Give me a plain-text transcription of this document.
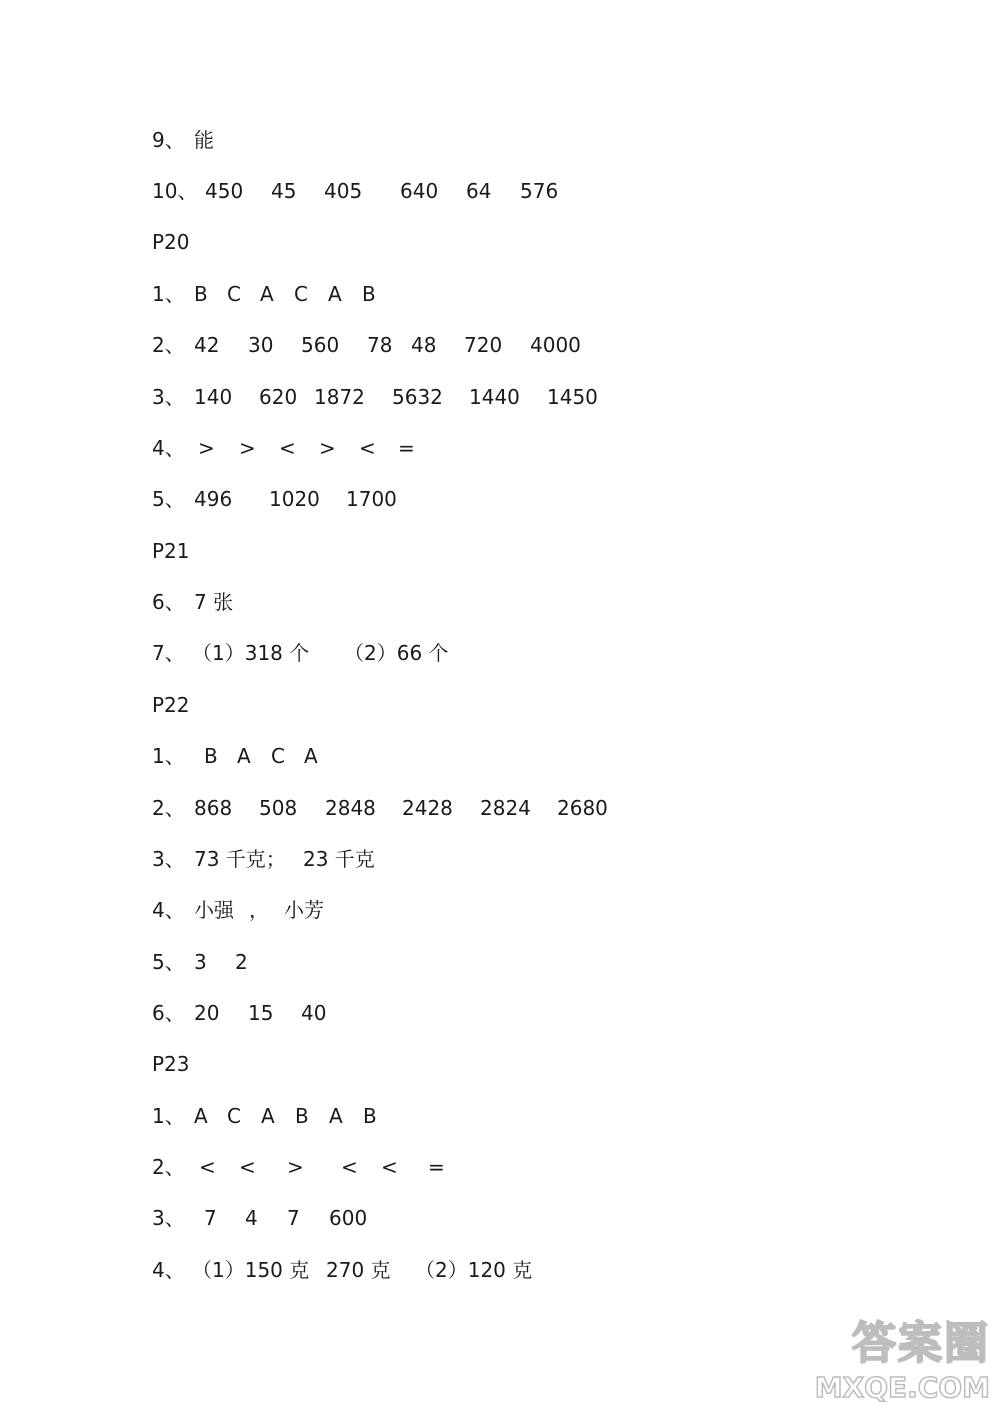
9、 能
10、 450 45 405 640 64 576
P20
1、 B C A C A B
2、 42 30 560 78 48 720 4000
3、 140 620 1872 5632 1440 1450
4、 > > < > < =
5、 496 1020 1700
P21
6、 7 张
7、 （1）318 个 （2）66 个
P22
1、 B A C A
2、 868 508 2848 2428 2824 2680
3、 73 千克； 23 千克
4、 小强 ， 小芳
5、 3 2
6、 20 15 40
P23
1、 A C A B A B
2、 < < > < < =
3、 7 4 7 600
4、 （1）150 克 270 克 （2）120 克
答案圈
MXQE.COM
